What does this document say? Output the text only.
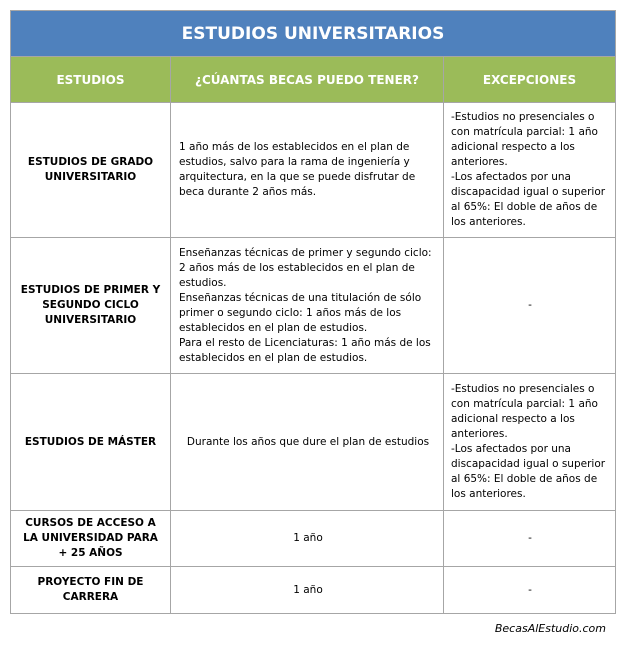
ESTUDIOS UNIVERSITARIOS		
ESTUDIOS	¿CÚANTAS BECAS PUEDO TENER?	EXCEPCIONES
ESTUDIOS DE GRADO UNIVERSITARIO	1 año más de los establecidos en el plan de estudios, salvo para la rama de ingeniería y arquitectura, en la que se puede disfrutar de beca durante 2 años más.	-Estudios no presenciales o con matrícula parcial: 1 año adicional respecto a los anteriores.
-Los afectados por una discapacidad igual o superior al 65%: El doble de años de los anteriores.

ESTUDIOS DE PRIMER Y SEGUNDO CICLO UNIVERSITARIO	Enseñanzas técnicas de primer y segundo ciclo: 2 años más de los establecidos en el plan de estudios.
Enseñanzas técnicas de una titulación de sólo primer o segundo ciclo: 1 años más de los establecidos en el plan de estudios.
Para el resto de Licenciaturas: 1 año más de los establecidos en el plan de estudios.	-

ESTUDIOS DE MÁSTER	Durante los años que dure el plan de estudios	-Estudios no presenciales o con matrícula parcial: 1 año adicional respecto a los anteriores.
-Los afectados por una discapacidad igual o superior al 65%: El doble de años de los anteriores.

CURSOS DE ACCESO A LA UNIVERSIDAD PARA + 25 AÑOS	1 año	-

PROYECTO FIN DE CARRERA	1 año	-
BecasAlEstudio.com
